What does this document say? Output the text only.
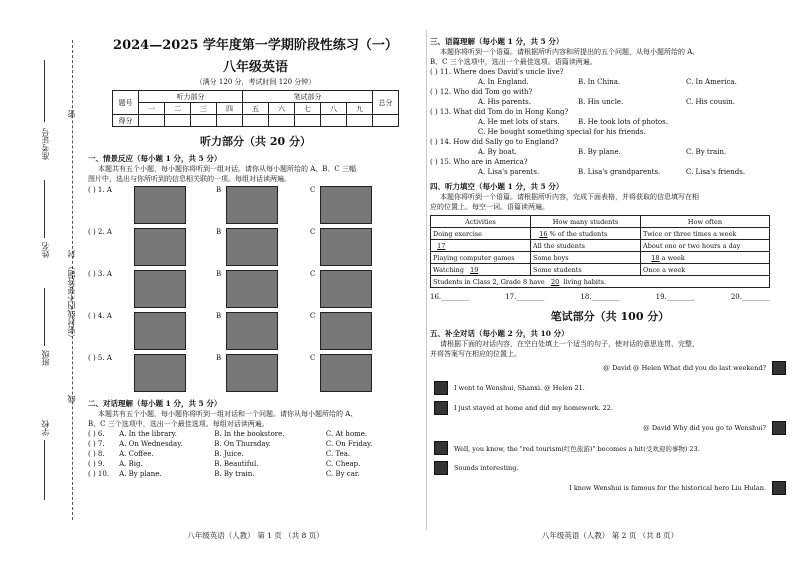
准考证号
姓名
班级
学校
密
封
线
（密封线内不要答题）
2024—2025 学年度第一学期阶段性练习（一）
八年级英语
（满分 120 分，考试时间 120 分钟）
题号	听力部分				笔试部分					总分
	一	二	三	四	五	六	七	八	九	
得分										
听力部分（共 20 分）
一、情景反应（每小题 1 分，共 5 分）
本题共有五个小题，每小题你将听到一组对话。请你从每小题所给的 A、B、C 三幅
图片中，选出与你所听到的信息相关联的一项。每组对话读两遍。
( ) 1. A	B	C
( ) 2. A	B	C
( ) 3. A	B	C
( ) 4. A	B	C
( ) 5. A	B	C
二、对话理解（每小题 1 分，共 5 分）
本题共有五个小题，每小题你将听到一组对话和一个问题。请你从每小题所给的 A、
B、C 三个选项中，选出一个最佳选项。每组对话读两遍。
( ) 6.	A. In the library.	B. In the bookstore.	C. At home.
( ) 7.	A. On Wednesday.	B. On Thursday.	C. On Friday.
( ) 8.	A. Coffee.	B. Juice.	C. Tea.
( ) 9.	A. Big.	B. Beautiful.	C. Cheap.
( ) 10.	A. By plane.	B. By train.	C. By car.
八年级英语（人教） 第 1 页 （共 8 页）
三、语篇理解（每小题 1 分，共 5 分）
本题你将听到一个语篇。请根据所听内容和所提出的五个问题，从每小题所给的 A、
B、C 三个选项中，选出一个最佳选项。语篇读两遍。
( ) 11. Where does David's uncle live?
A. In England.	B. In China.	C. In America.
( ) 12. Who did Tom go with?
A. His parents.	B. His uncle.	C. His cousin.
( ) 13. What did Tom do in Hong Kong?
A. He met lots of stars.	B. He took lots of photos.
C. He bought something special for his friends.
( ) 14. How did Sally go to England?
A. By boat.	B. By plane.	C. By train.
( ) 15. Who are in America?
A. Lisa's parents.	B. Lisa's grandparents.	C. Lisa's friends.
四、听力填空（每小题 1 分，共 5 分）
本题你将听到一个语篇。请根据所听内容，完成下面表格，并将获取的信息填写在相
应的位置上。每空一词。语篇读两遍。
Activities	How many students	How often
Doing exercise	16 % of the students	Twice or three times a week
17	All the students	About one or two hours a day
Playing computer games	Some boys	18 a week
Watching 19	Some students	Once a week
Students in Class 2, Grade 8 have 20 living habits.		
16.________	17.________	18.________	19.________	20.________
笔试部分（共 100 分）
五、补全对话（每小题 2 分，共 10 分）
请根据下面的对话内容，在空白处填上一个适当的句子，使对话的意思连贯、完整，
并将答案写在相应的位置上。
@ David @ Helen What did you do last weekend?
I went to Wenshui, Shanxi. @ Helen 21.
I just stayed at home and did my homework. 22.
@ David Why did you go to Wenshui?
Well, you know, the "red tourism(红色旅游)" becomes a hit(受欢迎的事物) 23.
Sounds interesting.
I know Wenshui is famous for the historical hero Liu Hulan.
八年级英语（人教） 第 2 页 （共 8 页）
